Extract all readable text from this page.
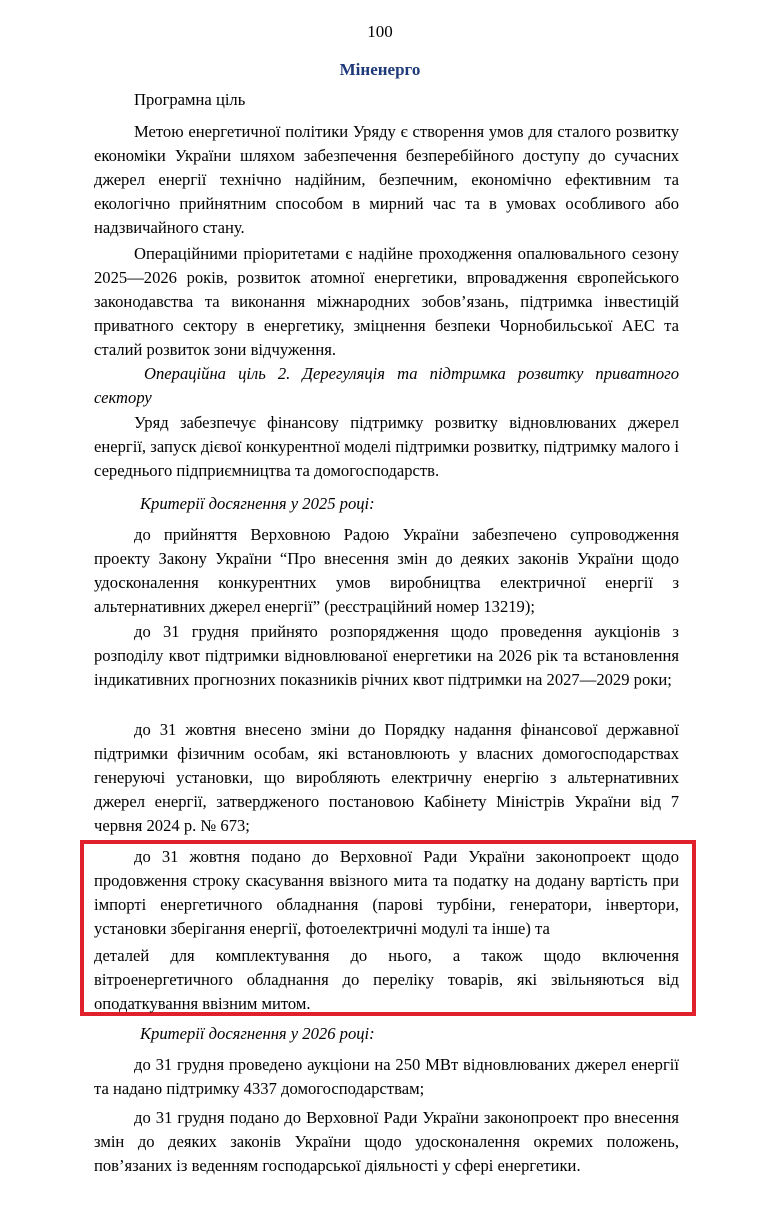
100
Міненерго

Програмна ціль

Метою енергетичної політики Уряду є створення умов для сталого розвитку економіки України шляхом забезпечення безперебійного доступу до сучасних джерел енергії технічно надійним, безпечним, економічно ефективним та екологічно прийнятним способом в мирний час та в умовах особливого або надзвичайного стану.

Операційними пріоритетами є надійне проходження опалювального сезону 2025—2026 років, розвиток атомної енергетики, впровадження європейського законодавства та виконання міжнародних зобов’язань, підтримка інвестицій приватного сектору в енергетику, зміцнення безпеки Чорнобильської АЕС та сталий розвиток зони відчуження.

Операційна ціль 2. Дерегуляція та підтримка розвитку приватного сектору

Уряд забезпечує фінансову підтримку розвитку відновлюваних джерел енергії, запуск дієвої конкурентної моделі підтримки розвитку, підтримку малого і середнього підприємництва та домогосподарств.

Критерії досягнення у 2025 році:

до прийняття Верховною Радою України забезпечено супроводження проекту Закону України “Про внесення змін до деяких законів України щодо удосконалення конкурентних умов виробництва електричної енергії з альтернативних джерел енергії” (реєстраційний номер 13219);

до 31 грудня прийнято розпорядження щодо проведення аукціонів з розподілу квот підтримки відновлюваної енергетики на 2026 рік та встановлення індикативних прогнозних показників річних квот підтримки на 2027—2029 роки;

до 31 жовтня внесено зміни до Порядку надання фінансової державної підтримки фізичним особам, які встановлюють у власних домогосподарствах генеруючі установки, що виробляють електричну енергію з альтернативних джерел енергії, затвердженого постановою Кабінету Міністрів України від 7 червня 2024 р. № 673;

до 31 жовтня подано до Верховної Ради України законопроект щодо продовження строку скасування ввізного мита та податку на додану вартість при імпорті енергетичного обладнання (парові турбіни, генератори, інвертори, установки зберігання енергії, фотоелектричні модулі та інше) та

деталей для комплектування до нього, а також щодо включення вітроенергетичного обладнання до переліку товарів, які звільняються від оподаткування ввізним митом.

Критерії досягнення у 2026 році:

до 31 грудня проведено аукціони на 250 МВт відновлюваних джерел енергії та надано підтримку 4337 домогосподарствам;

до 31 грудня подано до Верховної Ради України законопроект про внесення змін до деяких законів України щодо удосконалення окремих положень, пов’язаних із веденням господарської діяльності у сфері енергетики.
